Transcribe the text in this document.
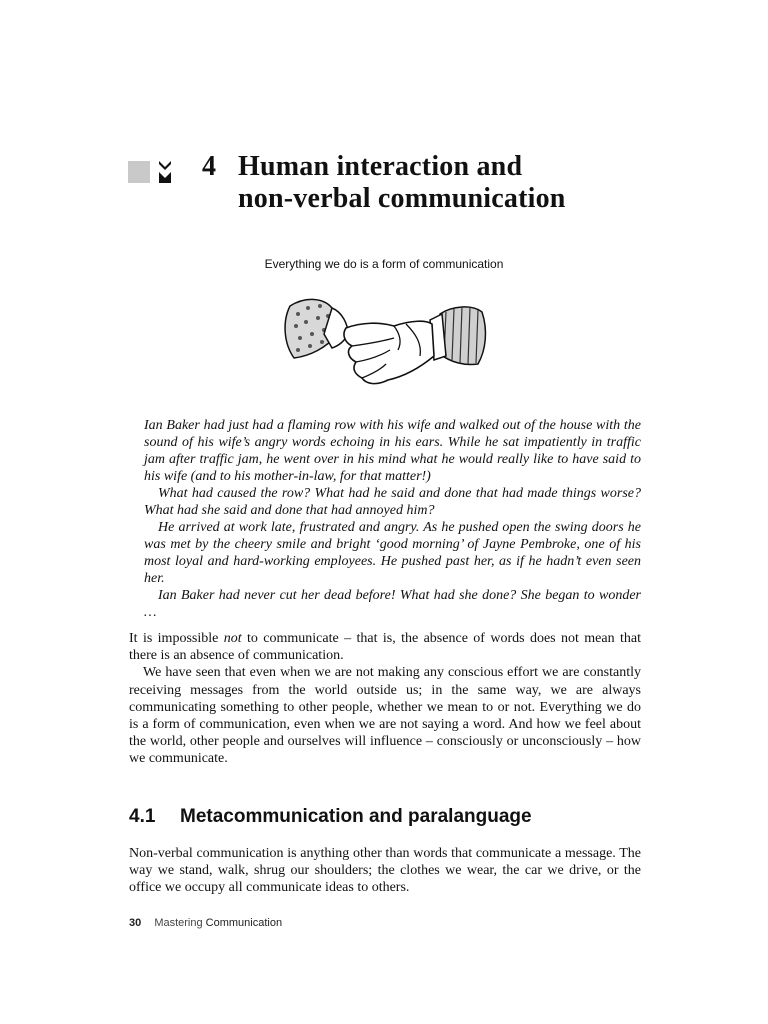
4 Human interaction and
non-verbal communication
Everything we do is a form of communication

Ian Baker had just had a flaming row with his wife and walked out of the house with the sound of his wife’s angry words echoing in his ears. While he sat impatiently in traffic jam after traffic jam, he went over in his mind what he would really like to have said to his wife (and to his mother-in-law, for that matter!)

What had caused the row? What had he said and done that had made things worse? What had she said and done that had annoyed him?

He arrived at work late, frustrated and angry. As he pushed open the swing doors he was met by the cheery smile and bright ‘good morning’ of Jayne Pembroke, one of his most loyal and hard-working employees. He pushed past her, as if he hadn’t even seen her.

Ian Baker had never cut her dead before! What had she done? She began to wonder …

It is impossible not to communicate – that is, the absence of words does not mean that there is an absence of communication.

We have seen that even when we are not making any conscious effort we are constantly receiving messages from the world outside us; in the same way, we are always communicating something to other people, whether we mean to or not. Everything we do is a form of communication, even when we are not saying a word. And how we feel about the world, other people and ourselves will influence – consciously or unconsciously – how we communicate.

4.1 Metacommunication and paralanguage

Non-verbal communication is anything other than words that communicate a message. The way we stand, walk, shrug our shoulders; the clothes we wear, the car we drive, or the office we occupy all communicate ideas to others.

30 Mastering Communication
